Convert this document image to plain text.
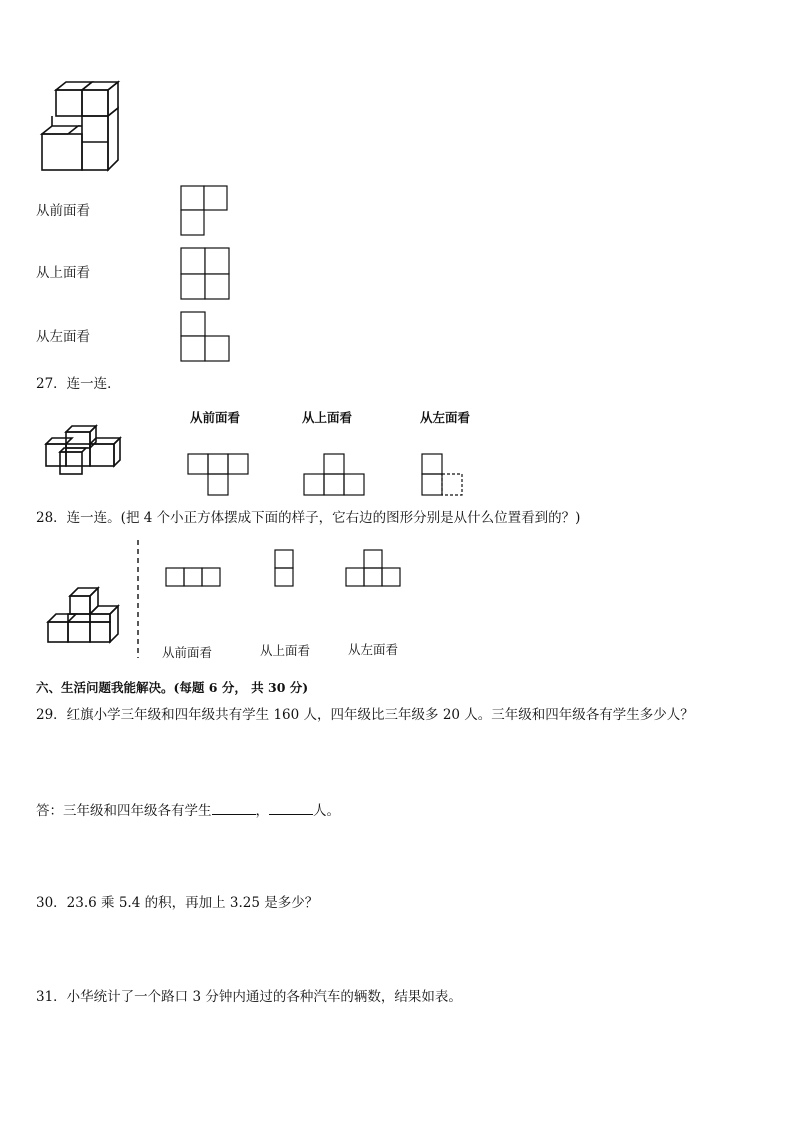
从前面看
从上面看
从左面看
27．连一连．
从前面看	从上面看	从左面看
28．连一连。(把 4 个小正方体摆成下面的样子，它右边的图形分别是从什么位置看到的？)
从前面看	从上面看	从左面看
六、生活问题我能解决。(每题 6 分， 共 30 分)
29．红旗小学三年级和四年级共有学生 160 人，四年级比三年级多 20 人。三年级和四年级各有学生多少人？
答：三年级和四年级各有学生	，	人。
30．23.6 乘 5.4 的积，再加上 3.25 是多少？
31．小华统计了一个路口 3 分钟内通过的各种汽车的辆数，结果如表。
